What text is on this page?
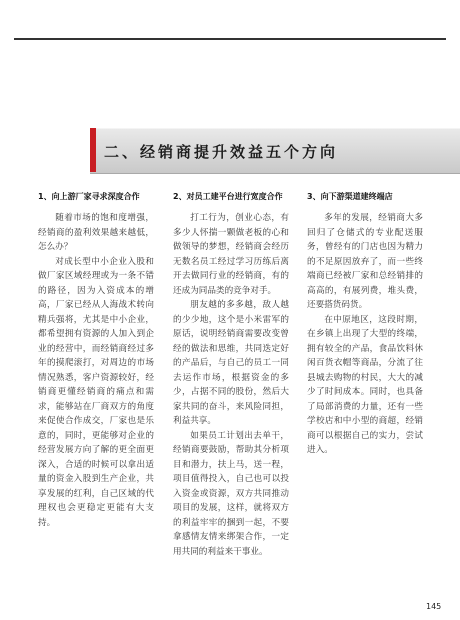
二、经销商提升效益五个方向
1、向上游厂家寻求深度合作

随着市场的饱和度增强，经销商的盈利效果越来越低，怎么办？

对成长型中小企业入股和做厂家区域经理或为一条不错的路径，因为入资成本的增高，厂家已经从人海战术转向精兵强将，尤其是中小企业，都希望拥有资源的人加入到企业的经营中，而经销商经过多年的摸爬滚打，对周边的市场情况熟悉，客户资源较好，经销商更懂经销商的痛点和需求，能够站在厂商双方的角度来促使合作成交，厂家也是乐意的，同时，更能够对企业的经营发展方向了解的更全面更深入，合适的时候可以拿出适量的资金入股到生产企业，共享发展的红利，自己区域的代理权也会更稳定更能有大支持。

2、对员工建平台进行宽度合作

打工行为，创业心态，有多少人怀揣一颗做老板的心和做领导的梦想，经销商会经历无数名员工经过学习历练后离开去做同行业的经销商，有的还成为同品类的竞争对手。

朋友越的多多越，敌人越的少少地，这个是小米雷军的原话，说明经销商需要改变曾经的做法和思维，共同迭定好的产品后，与自己的员工一同去运作市场，根据资金的多少，占据不同的股份，然后大家共同的奋斗，来风险同担，利益共享。

如果员工计划出去单干，经销商要鼓励，帮助其分析项目和潜力，扶上马，送一程，项目值得投入，自己也可以投入资金或资源，双方共同推动项目的发展，这样，就将双方的利益牢牢的捆到一起，不要拿感情友情来绑架合作，一定用共同的利益来干事业。

3、向下游渠道建终端店

多年的发展，经销商大多回归了仓储式的专业配送服务，曾经有的门店也因为精力的不足原因放弃了，而一些终端商已经被厂家和总经销排的高高的，有展列费，堆头费，还要搭货码货。

在中原地区，这段时期，在乡镇上出现了大型的终端，拥有较全的产品，食品饮料休闲百货衣帽等商品，分流了往县城去购物的村民，大大的减少了时间成本。同时，也具备了局部消费的力量，还有一些学校店和中小型的商超，经销商可以根据自己的实力，尝试进入。

145
